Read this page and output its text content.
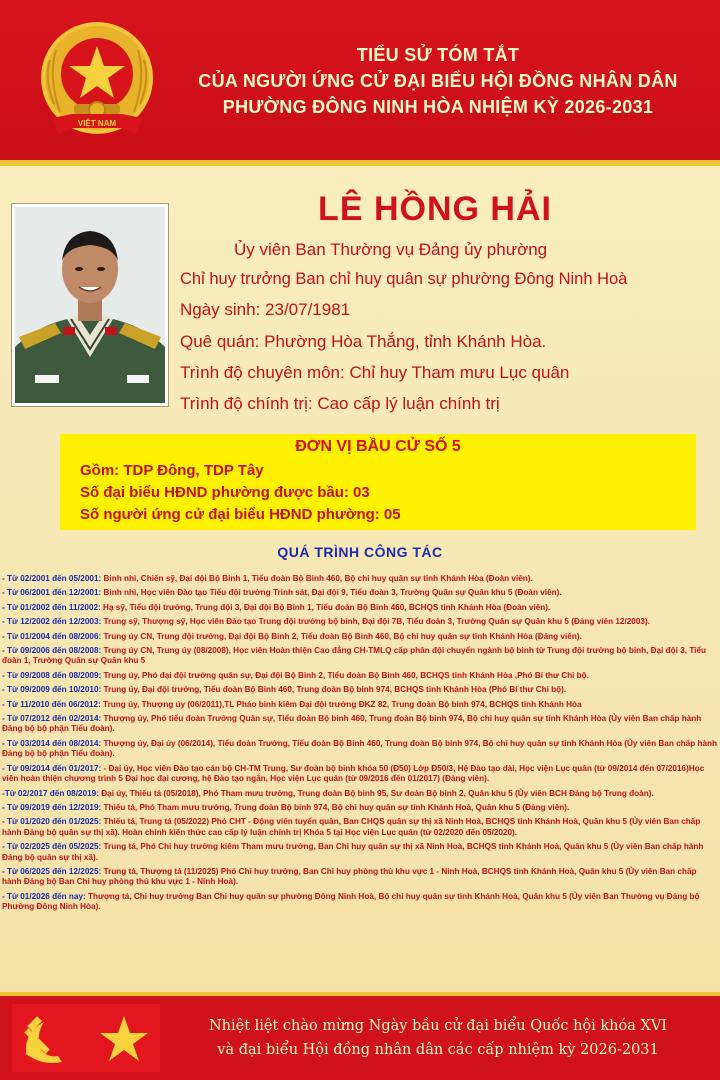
VIỆT NAM
TIỂU SỬ TÓM TẮT
CỦA NGƯỜI ỨNG CỬ ĐẠI BIỂU HỘI ĐỒNG NHÂN DÂN
PHƯỜNG ĐÔNG NINH HÒA NHIỆM KỲ 2026-2031
LÊ HỒNG HẢI
Ủy viên Ban Thường vụ Đảng ủy phường
Chỉ huy trưởng Ban chỉ huy quân sự phường Đông Ninh Hoà
Ngày sinh: 23/07/1981
Quê quán: Phường Hòa Thắng, tỉnh Khánh Hòa.
Trình độ chuyên môn: Chỉ huy Tham mưu Lục quân
Trình độ chính trị: Cao cấp lý luận chính trị
ĐƠN VỊ BẦU CỬ SỐ 5
Gồm: TDP Đông, TDP Tây
Số đại biểu HĐND phường được bầu: 03
Số người ứng cử đại biểu HĐND phường: 05
QUÁ TRÌNH CÔNG TÁC
- Từ 02/2001 đến 05/2001: Binh nhì, Chiến sỹ, Đại đội Bộ Binh 1, Tiểu đoàn Bộ Binh 460, Bộ chỉ huy quân sự tỉnh Khánh Hòa (Đoàn viên).
- Từ 06/2001 đến 12/2001: Binh nhì, Học viên Đào tạo Tiểu đội trưởng Trinh sát, Đại đội 9, Tiểu đoàn 3, Trường Quân sự Quân khu 5 (Đoàn viên).
- Từ 01/2002 đến 11/2002: Hạ sỹ, Tiểu đội trưởng, Trung đội 3, Đại đội Bộ Binh 1, Tiểu đoàn Bộ Binh 460, BCHQS tỉnh Khánh Hòa (Đoàn viên).
- Từ 12/2002 đến 12/2003: Trung sỹ, Thượng sỹ, Học viên Đào tạo Trung đội trưởng bộ binh, Đại đội 7B, Tiểu đoàn 3, Trường Quân sự Quân khu 5 (Đảng viên 12/2003).
- Từ 01/2004 đến 08/2006: Trung úy CN, Trung đội trưởng, Đại đội Bộ Binh 2, Tiểu đoàn Bộ Binh 460, Bộ chỉ huy quân sự tỉnh Khánh Hòa (Đảng viên).
- Từ 09/2006 đến 08/2008: Trung úy CN, Trung úy (08/2008), Học viên Hoàn thiện Cao đẳng CH-TMLQ cấp phân đội chuyển ngành bộ binh từ Trung đội trưởng bộ binh, Đại đội 3, Tiểu đoàn 1, Trường Quân sự Quân khu 5
- Từ 09/2008 đến 08/2009: Trung úy, Phó đại đội trưởng quân sự, Đại đội Bộ Binh 2, Tiểu đoàn Bộ Binh 460, BCHQS tỉnh Khánh Hòa ,Phó Bí thư Chi bộ.
- Từ 09/2009 đến 10/2010: Trung úy, Đại đội trưởng, Tiểu đoàn Bộ Binh 460, Trung đoàn Bộ binh 974, BCHQS tỉnh Khánh Hòa (Phó Bí thư Chi bộ).
- Từ 11/2010 đến 06/2012: Trung úy, Thượng úy (06/2011),TL Pháo binh kiêm Đại đội trưởng ĐKZ 82, Trung đoàn Bộ binh 974, BCHQS tỉnh Khánh Hòa
- Từ 07/2012 đến 02/2014: Thượng úy, Phó tiểu đoàn Trưởng Quân sự, Tiểu đoàn Bộ binh 460, Trung đoàn Bộ binh 974, Bộ chỉ huy quân sự tỉnh Khánh Hòa (Ủy viên Ban chấp hành Đảng bộ bộ phận Tiểu đoàn).
- Từ 03/2014 đến 08/2014: Thượng úy, Đại úy (06/2014), Tiểu đoàn Trưởng, Tiểu đoàn Bộ Binh 460, Trung đoàn Bộ binh 974, Bộ chỉ huy quân sự tỉnh Khánh Hòa (Ủy viên Ban chấp hành Đảng bộ bộ phận Tiểu đoàn).
- Từ 09/2014 đến 01/2017: - Đại úy, Học viên Đào tạo cán bộ CH-TM Trung, Sư đoàn bộ binh khóa 50 (Đ50) Lớp Đ50/3, Hệ Đào tạo dài, Học viện Lục quân (từ 09/2014 đến 07/2016)Học viên hoàn thiện chương trình 5 Đại học đại cương, hệ Đào tạo ngắn, Học viện Lục quân (từ 09/2016 đến 01/2017) (Đảng viên).
-Từ 02/2017 đến 08/2019: Đại úy, Thiếu tá (05/2018), Phó Tham mưu trưởng, Trung đoàn Bộ binh 95, Sư đoàn Bộ binh 2, Quân khu 5 (Ủy viên BCH Đảng bộ Trung đoàn).
- Từ 09/2019 đến 12/2019: Thiếu tá, Phó Tham mưu trưởng, Trung đoàn Bộ binh 974, Bộ chỉ huy quân sự tỉnh Khánh Hoà, Quân khu 5 (Đảng viên).
- Từ 01/2020 đến 01/2025: Thiếu tá, Trung tá (05/2022) Phó CHT - Động viên tuyển quân, Ban CHQS quân sự thị xã Ninh Hoà, BCHQS tỉnh Khánh Hoà, Quân khu 5 (Ủy viên Ban chấp hành Đảng bộ quân sự thị xã). Hoàn chỉnh kiến thức cao cấp lý luận chính trị Khóa 5 tại Học viện Lục quân (từ 02/2020 đến 05/2020).
- Từ 02/2025 đến 05/2025: Trung tá, Phó Chỉ huy trưởng kiêm Tham mưu trưởng, Ban Chỉ huy quân sự thị xã Ninh Hoà, BCHQS tỉnh Khánh Hoà, Quân khu 5 (Ủy viên Ban chấp hành Đảng bộ quân sự thị xã).
- Từ 06/2025 đến 12/2025: Trung tá, Thượng tá (11/2025) Phó Chỉ huy trưởng, Ban Chỉ huy phòng thủ khu vực 1 - Ninh Hoà, BCHQS tỉnh Khánh Hoà, Quân khu 5 (Ủy viên Ban chấp hành Đảng bộ Ban Chỉ huy phòng thủ khu vực 1 - Ninh Hoà).
- Từ 01/2026 đến nay: Thượng tá, Chỉ huy trưởng Ban Chỉ huy quân sự phường Đông Ninh Hoà, Bộ chỉ huy quân sự tỉnh Khánh Hoà, Quân khu 5 (Ủy viên Ban Thường vụ Đảng bộ Phường Đông Ninh Hòa).
Nhiệt liệt chào mừng Ngày bầu cử đại biểu Quốc hội khóa XVI
và đại biểu Hội đồng nhân dân các cấp nhiệm kỳ 2026-2031
